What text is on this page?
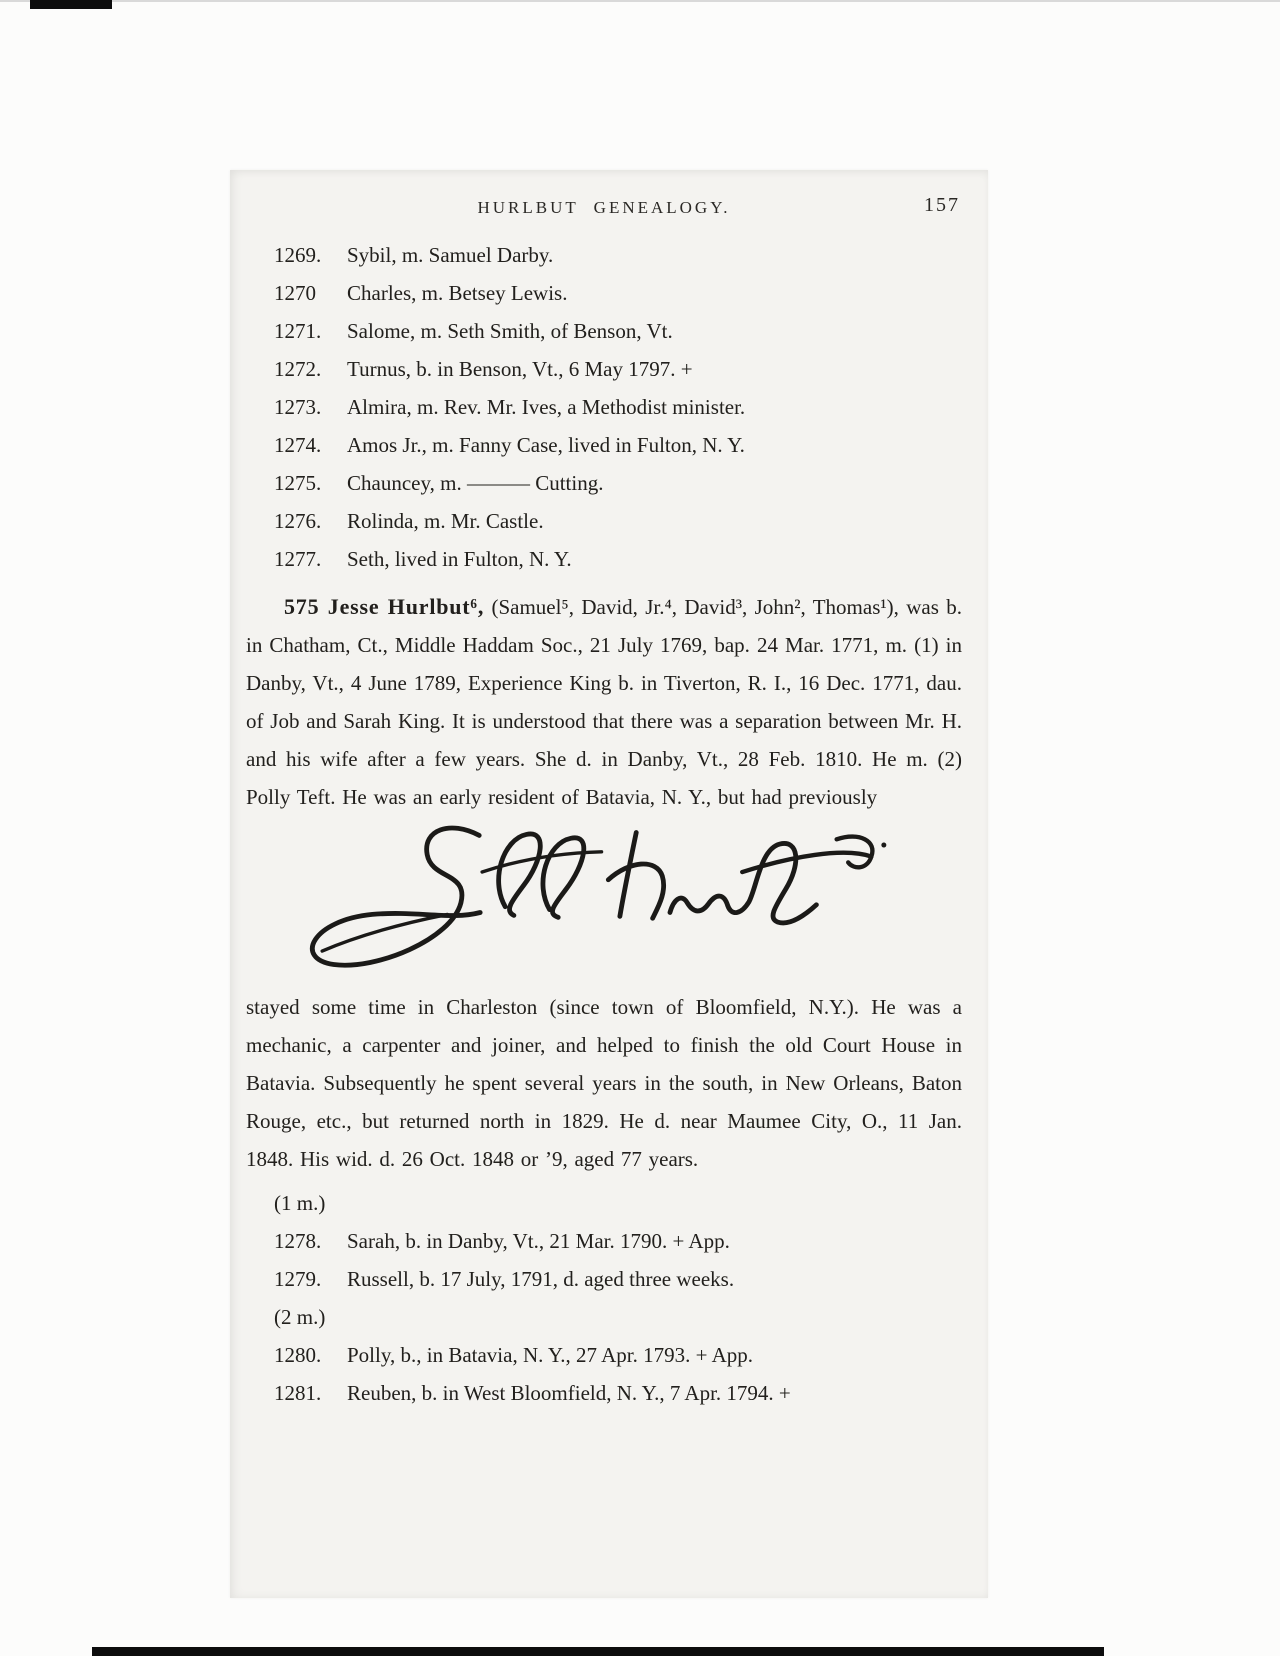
HURLBUT GENEALOGY.	157
1269.	Sybil, m. Samuel Darby.
1270	Charles, m. Betsey Lewis.
1271.	Salome, m. Seth Smith, of Benson, Vt.
1272.	Turnus, b. in Benson, Vt., 6 May 1797. +
1273.	Almira, m. Rev. Mr. Ives, a Methodist minister.
1274.	Amos Jr., m. Fanny Case, lived in Fulton, N. Y.
1275.	Chauncey, m. ——— Cutting.
1276.	Rolinda, m. Mr. Castle.
1277.	Seth, lived in Fulton, N. Y.

575 Jesse Hurlbut⁶, (Samuel⁵, David, Jr.⁴, David³, John², Thomas¹), was b. in Chatham, Ct., Middle Haddam Soc., 21 July 1769, bap. 24 Mar. 1771, m. (1) in Danby, Vt., 4 June 1789, Experience King b. in Tiverton, R. I., 16 Dec. 1771, dau. of Job and Sarah King. It is understood that there was a separation between Mr. H. and his wife after a few years. She d. in Danby, Vt., 28 Feb. 1810. He m. (2) Polly Teft. He was an early resident of Batavia, N. Y., but had previously

stayed some time in Charleston (since town of Bloomfield, N.Y.). He was a mechanic, a carpenter and joiner, and helped to finish the old Court House in Batavia. Subsequently he spent several years in the south, in New Orleans, Baton Rouge, etc., but returned north in 1829. He d. near Maumee City, O., 11 Jan. 1848. His wid. d. 26 Oct. 1848 or ’9, aged 77 years.

(1 m.)
1278.	Sarah, b. in Danby, Vt., 21 Mar. 1790. + App.
1279.	Russell, b. 17 July, 1791, d. aged three weeks.
(2 m.)
1280.	Polly, b., in Batavia, N. Y., 27 Apr. 1793. + App.
1281.	Reuben, b. in West Bloomfield, N. Y., 7 Apr. 1794. +
